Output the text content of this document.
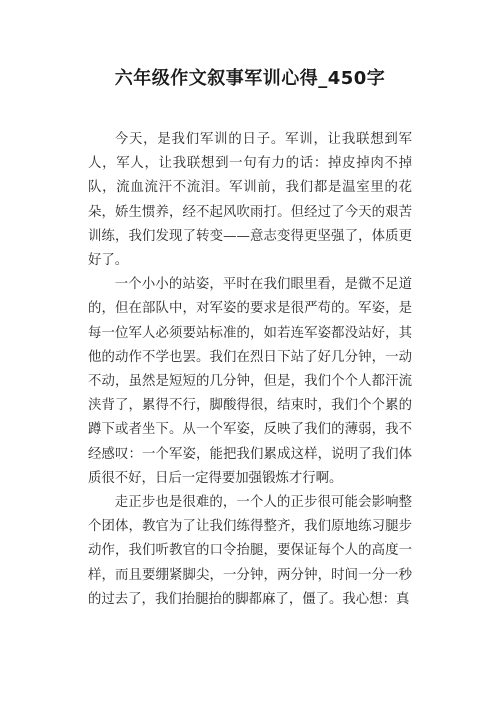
六年级作文叙事军训心得_450字

今天，是我们军训的日子。军训，让我联想到军人，军人，让我联想到一句有力的话：掉皮掉肉不掉队，流血流汗不流泪。军训前，我们都是温室里的花朵，娇生惯养，经不起风吹雨打。但经过了今天的艰苦训练，我们发现了转变——意志变得更坚强了，体质更好了。

一个小小的站姿，平时在我们眼里看，是微不足道的，但在部队中，对军姿的要求是很严苟的。军姿，是每一位军人必须要站标准的，如若连军姿都没站好，其他的动作不学也罢。我们在烈日下站了好几分钟，一动不动，虽然是短短的几分钟，但是，我们个个人都汗流浃背了，累得不行，脚酸得很，结束时，我们个个累的蹲下或者坐下。从一个军姿，反映了我们的薄弱，我不经感叹：一个军姿，能把我们累成这样，说明了我们体质很不好，日后一定得要加强锻炼才行啊。

走正步也是很难的，一个人的正步很可能会影响整个团体，教官为了让我们练得整齐，我们原地练习腿步动作，我们听教官的口令抬腿，要保证每个人的高度一样，而且要绷紧脚尖，一分钟，两分钟，时间一分一秒的过去了，我们抬腿抬的脚都麻了，僵了。我心想：真
